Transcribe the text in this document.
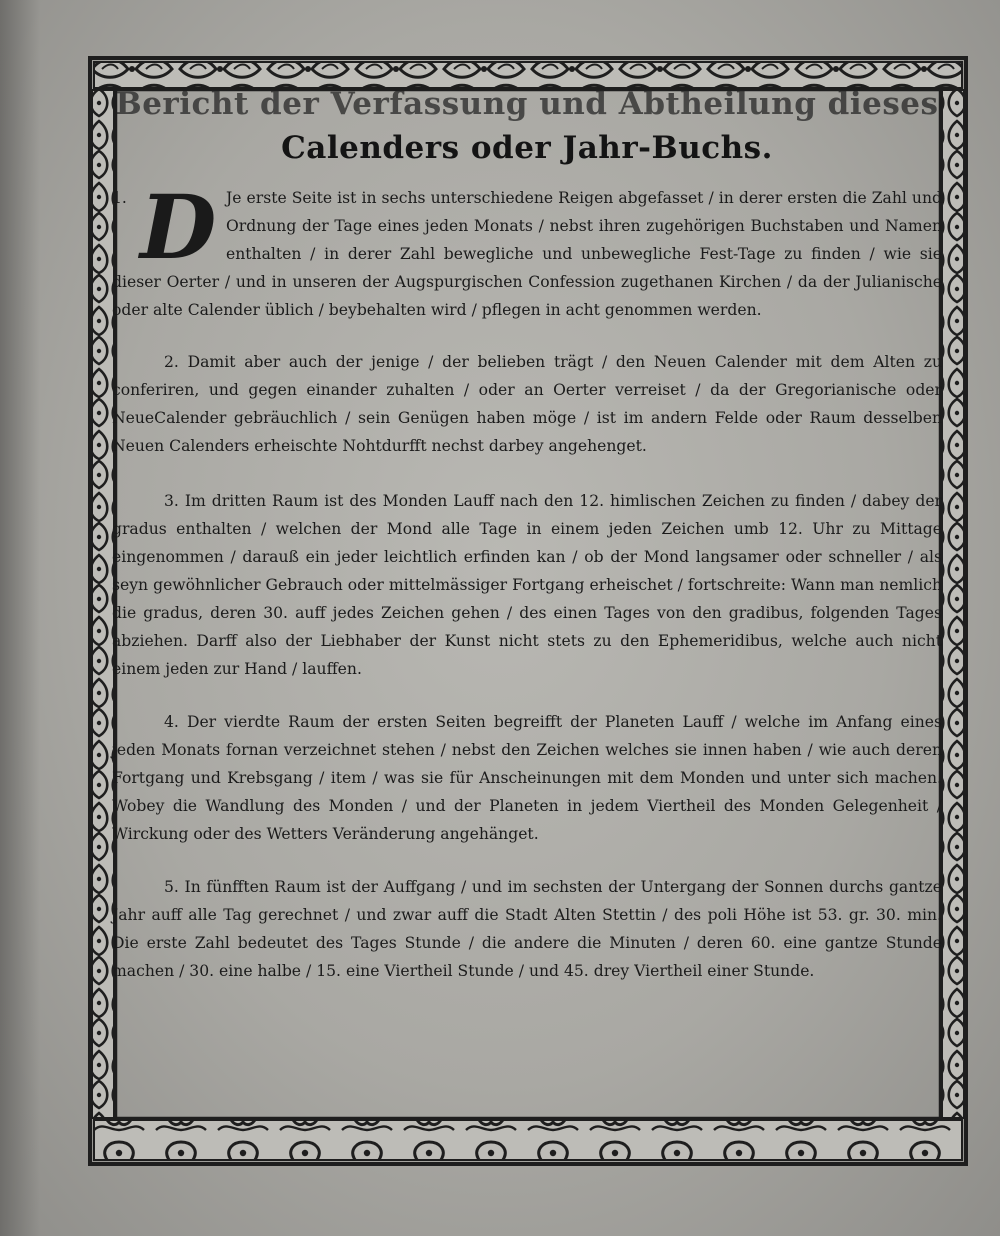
Bericht der Verfassung und Abtheilung dieses
Calenders oder Jahr-Buchs.

1. D Je erste Seite ist in sechs unterschiedene Reigen abgefasset / in derer ersten die Zahl und Ordnung der Tage eines jeden Monats / nebst ihren zugehörigen Buchstaben und Namen enthalten / in derer Zahl bewegliche und unbewegliche Fest-Tage zu finden / wie sie dieser Oerter / und in unseren der Augspurgischen Confession zugethanen Kirchen / da der Julianische oder alte Calender üblich / beybehalten wird / pflegen in acht genommen werden.

2. Damit aber auch der jenige / der belieben trägt / den Neuen Calender mit dem Alten zu conferiren, und gegen einander zuhalten / oder an Oerter verreiset / da der Gregorianische oder NeueCalender gebräuchlich / sein Genügen haben möge / ist im andern Felde oder Raum desselben Neuen Calenders erheischte Nohtdurfft nechst darbey angehenget.

3. Im dritten Raum ist des Monden Lauff nach den 12. himlischen Zeichen zu finden / dabey der gradus enthalten / welchen der Mond alle Tage in einem jeden Zeichen umb 12. Uhr zu Mittage eingenommen / darauß ein jeder leichtlich erfinden kan / ob der Mond langsamer oder schneller / als seyn gewöhnlicher Gebrauch oder mittelmässiger Fortgang erheischet / fortschreite: Wann man nemlich die gradus, deren 30. auff jedes Zeichen gehen / des einen Tages von den gradibus, folgenden Tages abziehen. Darff also der Liebhaber der Kunst nicht stets zu den Ephemeridibus, welche auch nicht einem jeden zur Hand / lauffen.

4. Der vierdte Raum der ersten Seiten begreifft der Planeten Lauff / welche im Anfang eines jeden Monats fornan verzeichnet stehen / nebst den Zeichen welches sie innen haben / wie auch deren Fortgang und Krebsgang / item / was sie für Anscheinungen mit dem Monden und unter sich machen. Wobey die Wandlung des Monden / und der Planeten in jedem Viertheil des Monden Gelegenheit / Wirckung oder des Wetters Veränderung angehänget.

5. In fünfften Raum ist der Auffgang / und im sechsten der Untergang der Sonnen durchs gantze Jahr auff alle Tag gerechnet / und zwar auff die Stadt Alten Stettin / des poli Höhe ist 53. gr. 30. min. Die erste Zahl bedeutet des Tages Stunde / die andere die Minuten / deren 60. eine gantze Stunde machen / 30. eine halbe / 15. eine Viertheil Stunde / und 45. drey Viertheil einer Stunde.
